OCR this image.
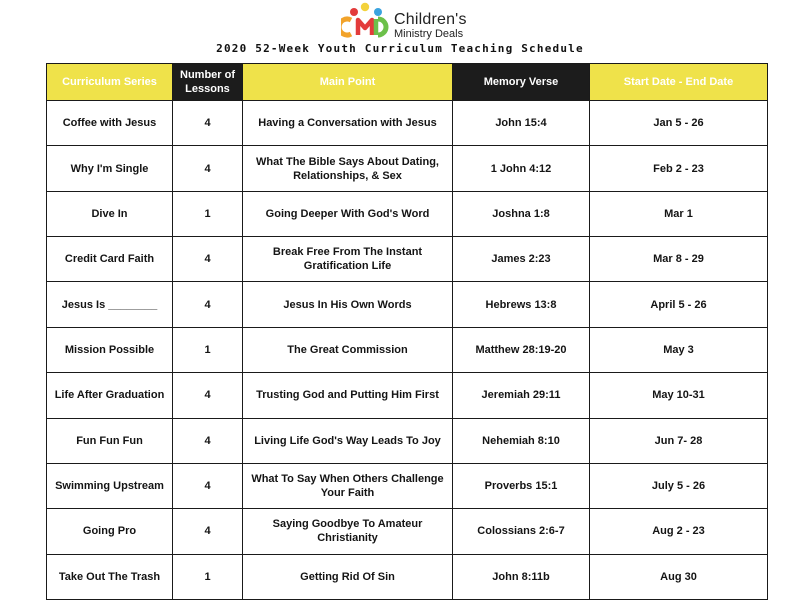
Children's
Ministry Deals
2020 52-Week Youth Curriculum Teaching Schedule
Curriculum Series	Number of Lessons	Main Point	Memory Verse	Start Date - End Date
Coffee with Jesus	4	Having a Conversation with Jesus	John 15:4	Jan 5 - 26
Why I'm Single	4	What The Bible Says About Dating, Relationships, & Sex	1 John 4:12	Feb 2 - 23
Dive In	1	Going Deeper With God's Word	Joshna 1:8	Mar 1
Credit Card Faith	4	Break Free From The Instant Gratification Life	James 2:23	Mar 8 - 29
Jesus Is ________	4	Jesus In His Own Words	Hebrews 13:8	April 5 - 26
Mission Possible	1	The Great Commission	Matthew 28:19-20	May 3
Life After Graduation	4	Trusting God and Putting Him First	Jeremiah 29:11	May 10-31
Fun Fun Fun	4	Living Life God's Way Leads To Joy	Nehemiah 8:10	Jun 7- 28
Swimming Upstream	4	What To Say When Others Challenge Your Faith	Proverbs 15:1	July 5 - 26
Going Pro	4	Saying Goodbye To Amateur Christianity	Colossians 2:6-7	Aug 2 - 23
Take Out The Trash	1	Getting Rid Of Sin	John 8:11b	Aug 30
